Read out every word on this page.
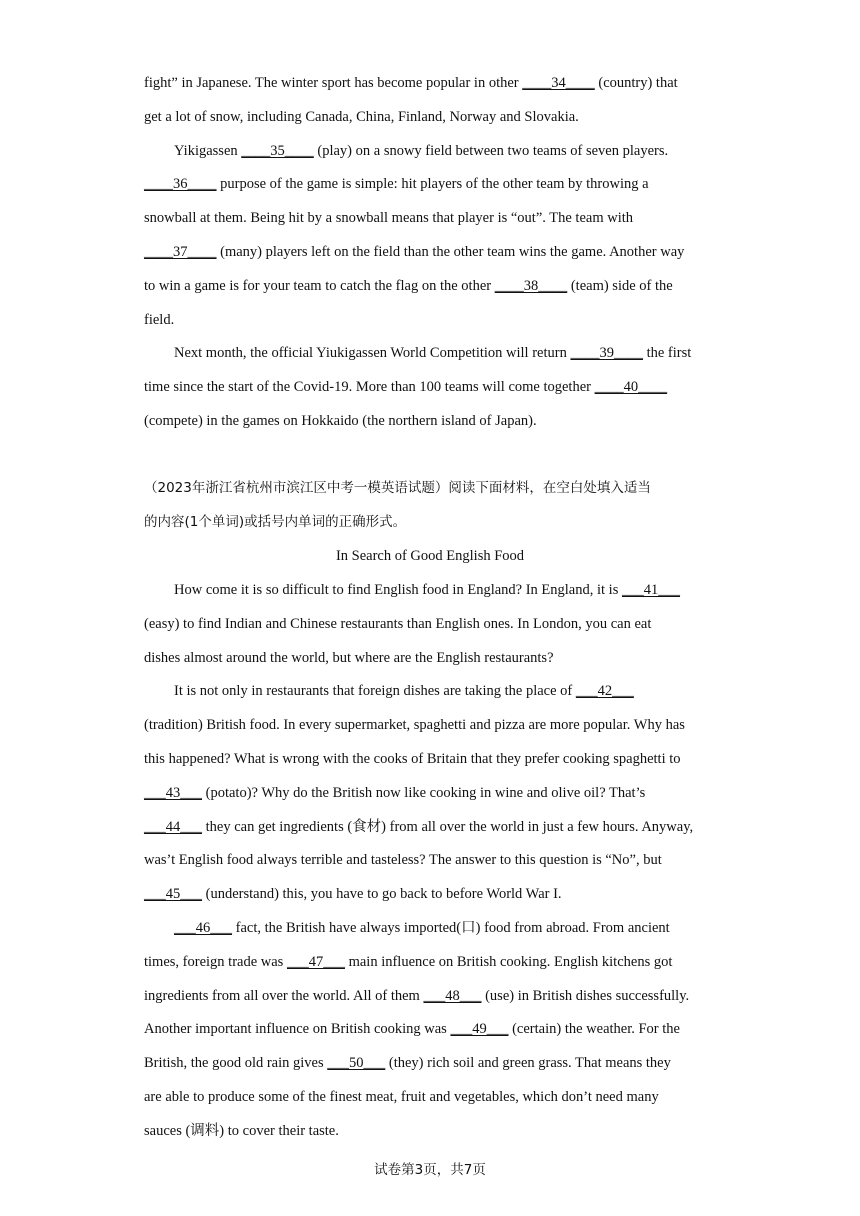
fight” in Japanese. The winter sport has become popular in other ____34____ (country) that
get a lot of snow, including Canada, China, Finland, Norway and Slovakia.
Yikigassen ____35____ (play) on a snowy field between two teams of seven players.
____36____ purpose of the game is simple: hit players of the other team by throwing a
snowball at them. Being hit by a snowball means that player is “out”. The team with
____37____ (many) players left on the field than the other team wins the game. Another way
to win a game is for your team to catch the flag on the other ____38____ (team) side of the
field.
Next month, the official Yiukigassen World Competition will return ____39____ the first
time since the start of the Covid-19. More than 100 teams will come together ____40____
(compete) in the games on Hokkaido (the northern island of Japan).
（2023年浙江省杭州市滨江区中考一模英语试题）阅读下面材料，在空白处填入适当
的内容(1个单词)或括号内单词的正确形式。
In Search of Good English Food
How come it is so difficult to find English food in England? In England, it is ___41___
(easy) to find Indian and Chinese restaurants than English ones. In London, you can eat
dishes almost around the world, but where are the English restaurants?
It is not only in restaurants that foreign dishes are taking the place of ___42___
(tradition) British food. In every supermarket, spaghetti and pizza are more popular. Why has
this happened? What is wrong with the cooks of Britain that they prefer cooking spaghetti to
___43___ (potato)? Why do the British now like cooking in wine and olive oil? That’s
___44___ they can get ingredients (食材) from all over the world in just a few hours. Anyway,
was’t English food always terrible and tasteless? The answer to this question is “No”, but
___45___ (understand) this, you have to go back to before World War I.
___46___ fact, the British have always imported(口) food from abroad. From ancient
times, foreign trade was ___47___ main influence on British cooking. English kitchens got
ingredients from all over the world. All of them ___48___ (use) in British dishes successfully.
Another important influence on British cooking was ___49___ (certain) the weather. For the
British, the good old rain gives ___50___ (they) rich soil and green grass. That means they
are able to produce some of the finest meat, fruit and vegetables, which don’t need many
sauces (调料) to cover their taste.
试卷第3页，共7页
